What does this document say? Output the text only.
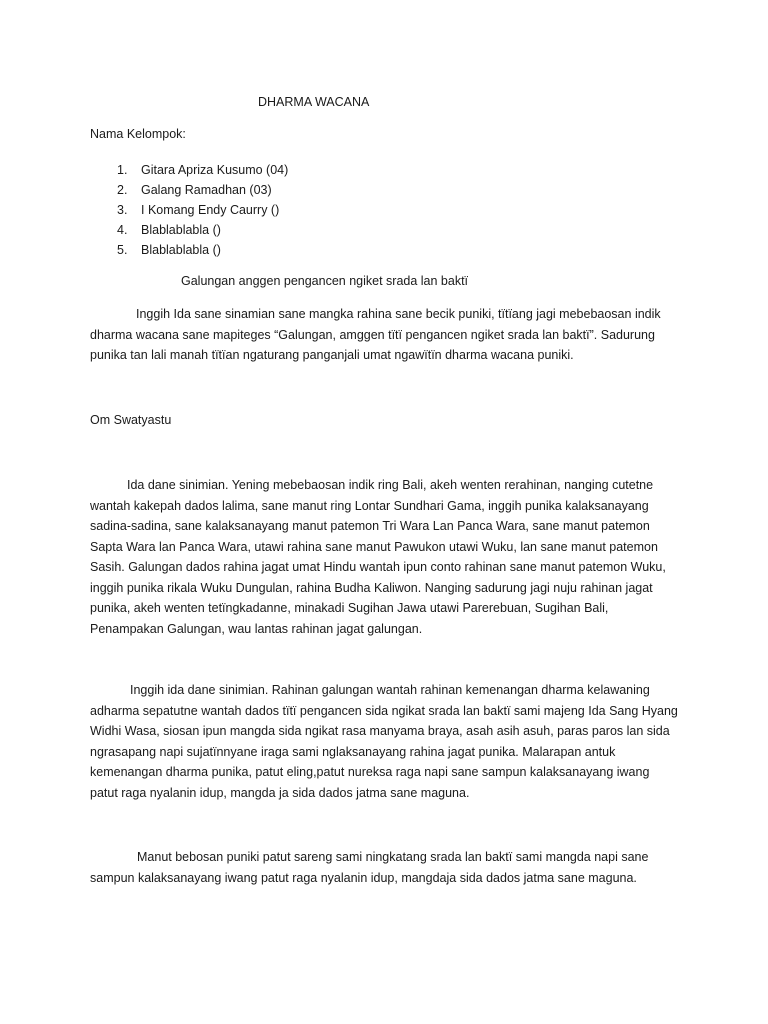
DHARMA WACANA
Nama Kelompok:
1. Gitara Apriza Kusumo (04)
2. Galang Ramadhan (03)
3. I Komang Endy Caurry ()
4. Blablablabla ()
5. Blablablabla ()
Galungan anggen pengancen ngiket srada lan baktï
Inggih Ida sane sinamian sane mangka rahina sane becik puniki, tïtïang jagi mebebaosan indik
dharma wacana sane mapiteges “Galungan, amggen tïtï pengancen ngiket srada lan baktï”. Sadurung
punika tan lali manah tïtïan ngaturang panganjali umat ngawïtïn dharma wacana puniki.
Om Swatyastu
Ida dane sinimian. Yening mebebaosan indik ring Bali, akeh wenten rerahinan, nanging cutetne
wantah kakepah dados lalima, sane manut ring Lontar Sundhari Gama, inggih punika kalaksanayang
sadina-sadina, sane kalaksanayang manut patemon Tri Wara Lan Panca Wara, sane manut patemon
Sapta Wara lan Panca Wara, utawi rahina sane manut Pawukon utawi Wuku, lan sane manut patemon
Sasih. Galungan dados rahina jagat umat Hindu wantah ipun conto rahinan sane manut patemon Wuku,
inggih punika rikala Wuku Dungulan, rahina Budha Kaliwon. Nanging sadurung jagi nuju rahinan jagat
punika, akeh wenten tetïngkadanne, minakadi Sugihan Jawa utawi Parerebuan, Sugihan Bali,
Penampakan Galungan, wau lantas rahinan jagat galungan.
Inggih ida dane sinimian. Rahinan galungan wantah rahinan kemenangan dharma kelawaning
adharma sepatutne wantah dados tïtï pengancen sida ngikat srada lan baktï sami majeng Ida Sang Hyang
Widhi Wasa, siosan ipun mangda sida ngikat rasa manyama braya, asah asih asuh, paras paros lan sida
ngrasapang napi sujatïnnyane iraga sami nglaksanayang rahina jagat punika. Malarapan antuk
kemenangan dharma punika, patut eling,patut nureksa raga napi sane sampun kalaksanayang iwang
patut raga nyalanin idup, mangda ja sida dados jatma sane maguna.
Manut bebosan puniki patut sareng sami ningkatang srada lan baktï sami mangda napi sane
sampun kalaksanayang iwang patut raga nyalanin idup, mangdaja sida dados jatma sane maguna.
